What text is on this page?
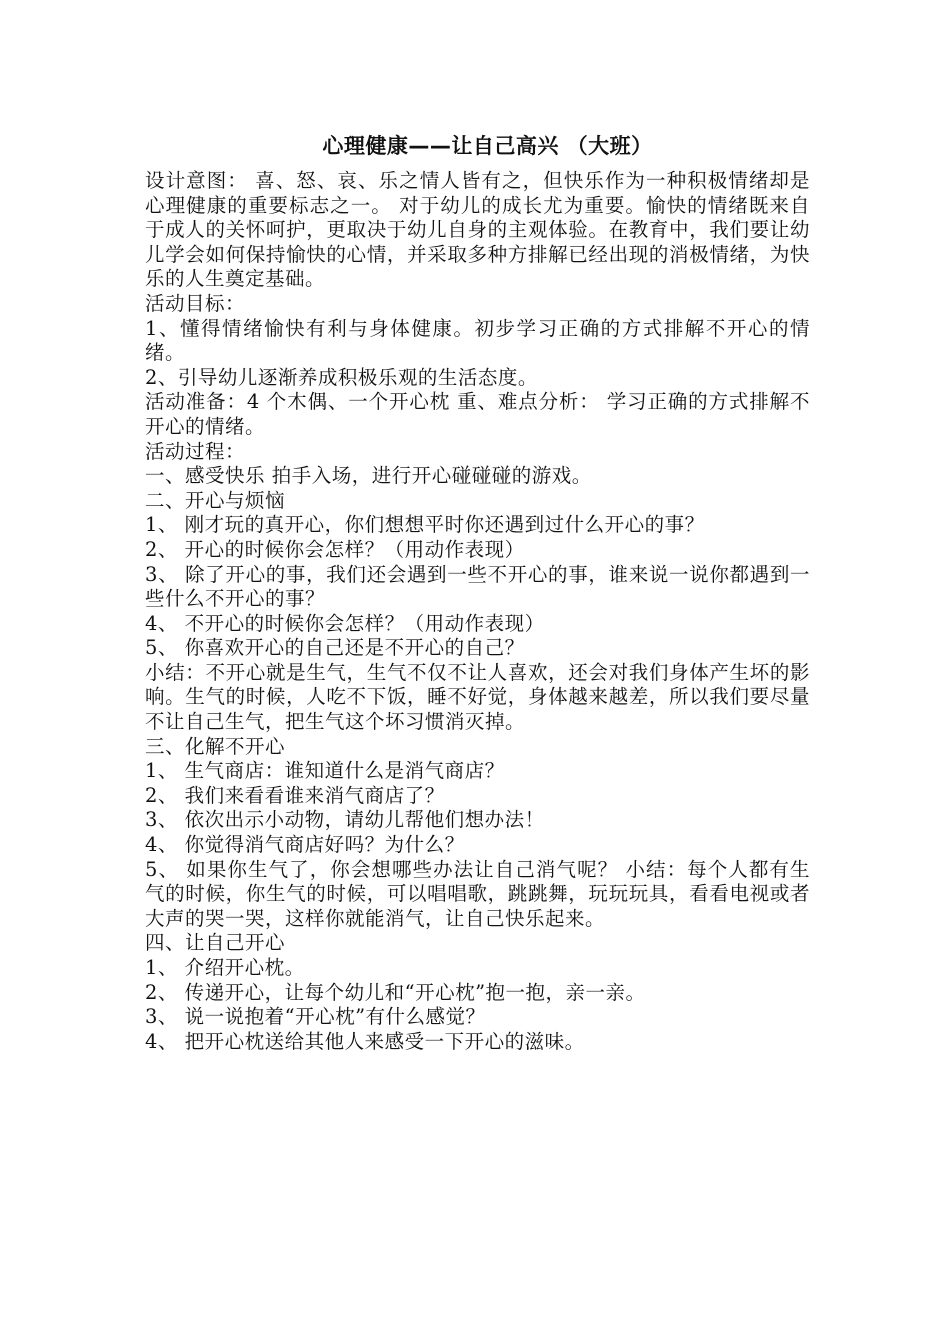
心理健康——让自己高兴 （大班）

设计意图： 喜、怒、哀、乐之情人皆有之，但快乐作为一种积极情绪却是心理健康的重要标志之一。 对于幼儿的成长尤为重要。愉快的情绪既来自于成人的关怀呵护，更取决于幼儿自身的主观体验。在教育中，我们要让幼儿学会如何保持愉快的心情，并采取多种方排解已经出现的消极情绪，为快乐的人生奠定基础。

活动目标：

1、懂得情绪愉快有利与身体健康。初步学习正确的方式排解不开心的情绪。

2、引导幼儿逐渐养成积极乐观的生活态度。

活动准备：4 个木偶、一个开心枕 重、难点分析： 学习正确的方式排解不开心的情绪。

活动过程：

一、感受快乐 拍手入场，进行开心碰碰碰的游戏。

二、开心与烦恼

1、 刚才玩的真开心，你们想想平时你还遇到过什么开心的事？

2、 开心的时候你会怎样？（用动作表现）

3、 除了开心的事，我们还会遇到一些不开心的事，谁来说一说你都遇到一些什么不开心的事？

4、 不开心的时候你会怎样？（用动作表现）

5、 你喜欢开心的自己还是不开心的自己？

小结：不开心就是生气，生气不仅不让人喜欢，还会对我们身体产生坏的影响。生气的时候，人吃不下饭，睡不好觉，身体越来越差，所以我们要尽量不让自己生气，把生气这个坏习惯消灭掉。

三、化解不开心

1、 生气商店：谁知道什么是消气商店？

2、 我们来看看谁来消气商店了？

3、 依次出示小动物，请幼儿帮他们想办法！

4、 你觉得消气商店好吗？为什么？

5、 如果你生气了，你会想哪些办法让自己消气呢？ 小结：每个人都有生气的时候，你生气的时候，可以唱唱歌，跳跳舞，玩玩玩具，看看电视或者大声的哭一哭，这样你就能消气，让自己快乐起来。

四、让自己开心

1、 介绍开心枕。

2、 传递开心，让每个幼儿和“开心枕”抱一抱，亲一亲。

3、 说一说抱着“开心枕”有什么感觉？

4、 把开心枕送给其他人来感受一下开心的滋味。
